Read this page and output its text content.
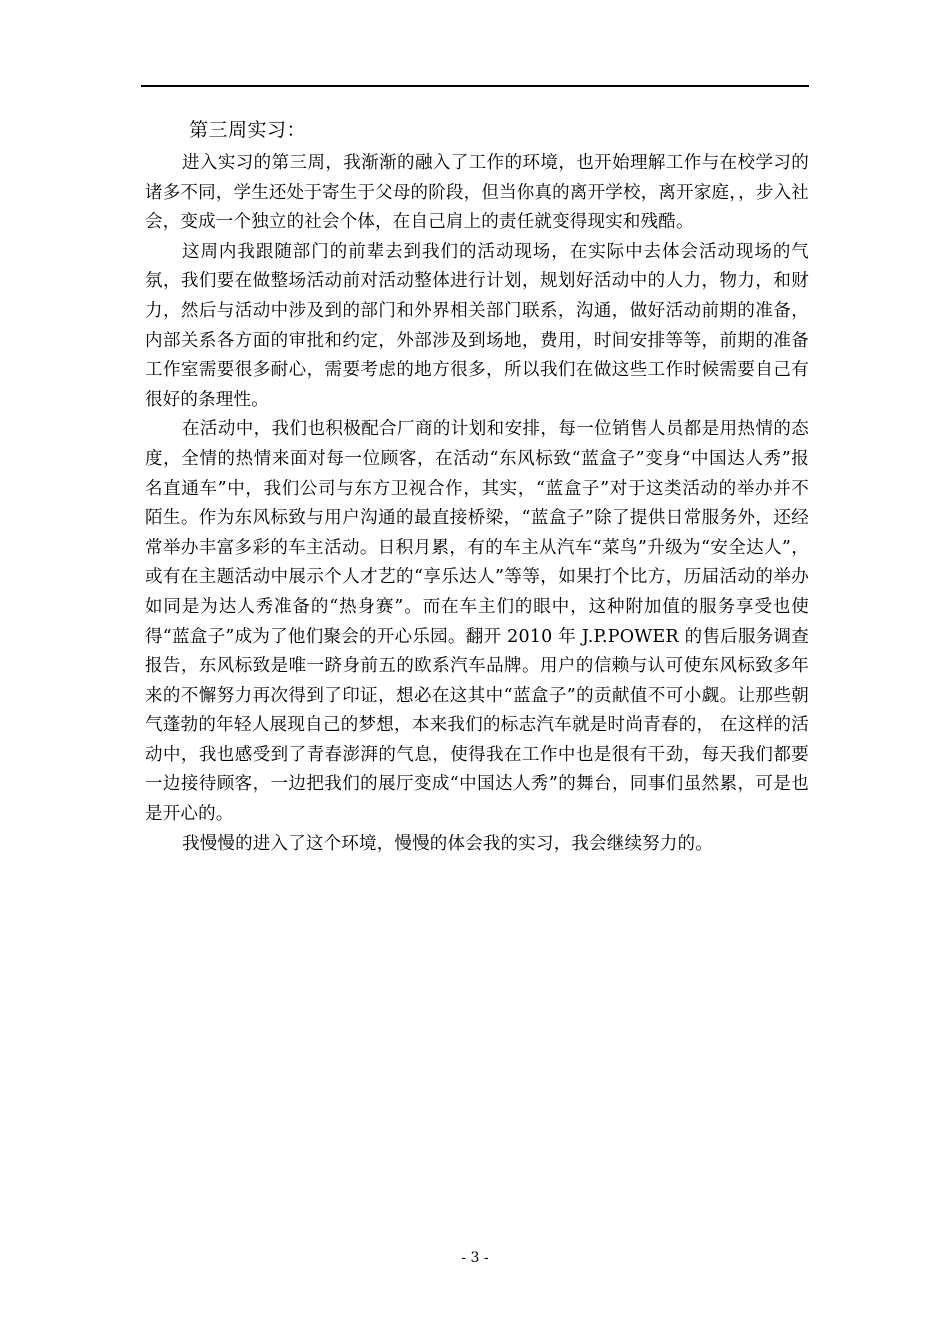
第三周实习：

进入实习的第三周，我渐渐的融入了工作的环境，也开始理解工作与在校学习的诸多不同，学生还处于寄生于父母的阶段，但当你真的离开学校，离开家庭，，步入社会，变成一个独立的社会个体，在自己肩上的责任就变得现实和残酷。

这周内我跟随部门的前辈去到我们的活动现场，在实际中去体会活动现场的气氛，我们要在做整场活动前对活动整体进行计划，规划好活动中的人力，物力，和财力，然后与活动中涉及到的部门和外界相关部门联系，沟通，做好活动前期的准备，内部关系各方面的审批和约定，外部涉及到场地，费用，时间安排等等，前期的准备工作室需要很多耐心，需要考虑的地方很多，所以我们在做这些工作时候需要自己有很好的条理性。

在活动中，我们也积极配合厂商的计划和安排，每一位销售人员都是用热情的态度，全情的热情来面对每一位顾客，在活动“东风标致“蓝盒子”变身“中国达人秀”报名直通车”中，我们公司与东方卫视合作，其实，“蓝盒子”对于这类活动的举办并不陌生。作为东风标致与用户沟通的最直接桥梁，“蓝盒子”除了提供日常服务外，还经常举办丰富多彩的车主活动。日积月累，有的车主从汽车“菜鸟”升级为“安全达人”，或有在主题活动中展示个人才艺的“享乐达人”等等，如果打个比方，历届活动的举办如同是为达人秀准备的“热身赛”。而在车主们的眼中，这种附加值的服务享受也使得“蓝盒子”成为了他们聚会的开心乐园。翻开 2010 年 J.P.POWER 的售后服务调查报告，东风标致是唯一跻身前五的欧系汽车品牌。用户的信赖与认可使东风标致多年来的不懈努力再次得到了印证，想必在这其中“蓝盒子”的贡献值不可小觑。让那些朝气蓬勃的年轻人展现自己的梦想，本来我们的标志汽车就是时尚青春的， 在这样的活动中，我也感受到了青春澎湃的气息，使得我在工作中也是很有干劲，每天我们都要一边接待顾客，一边把我们的展厅变成“中国达人秀”的舞台，同事们虽然累，可是也是开心的。

我慢慢的进入了这个环境，慢慢的体会我的实习，我会继续努力的。

- 3 -
